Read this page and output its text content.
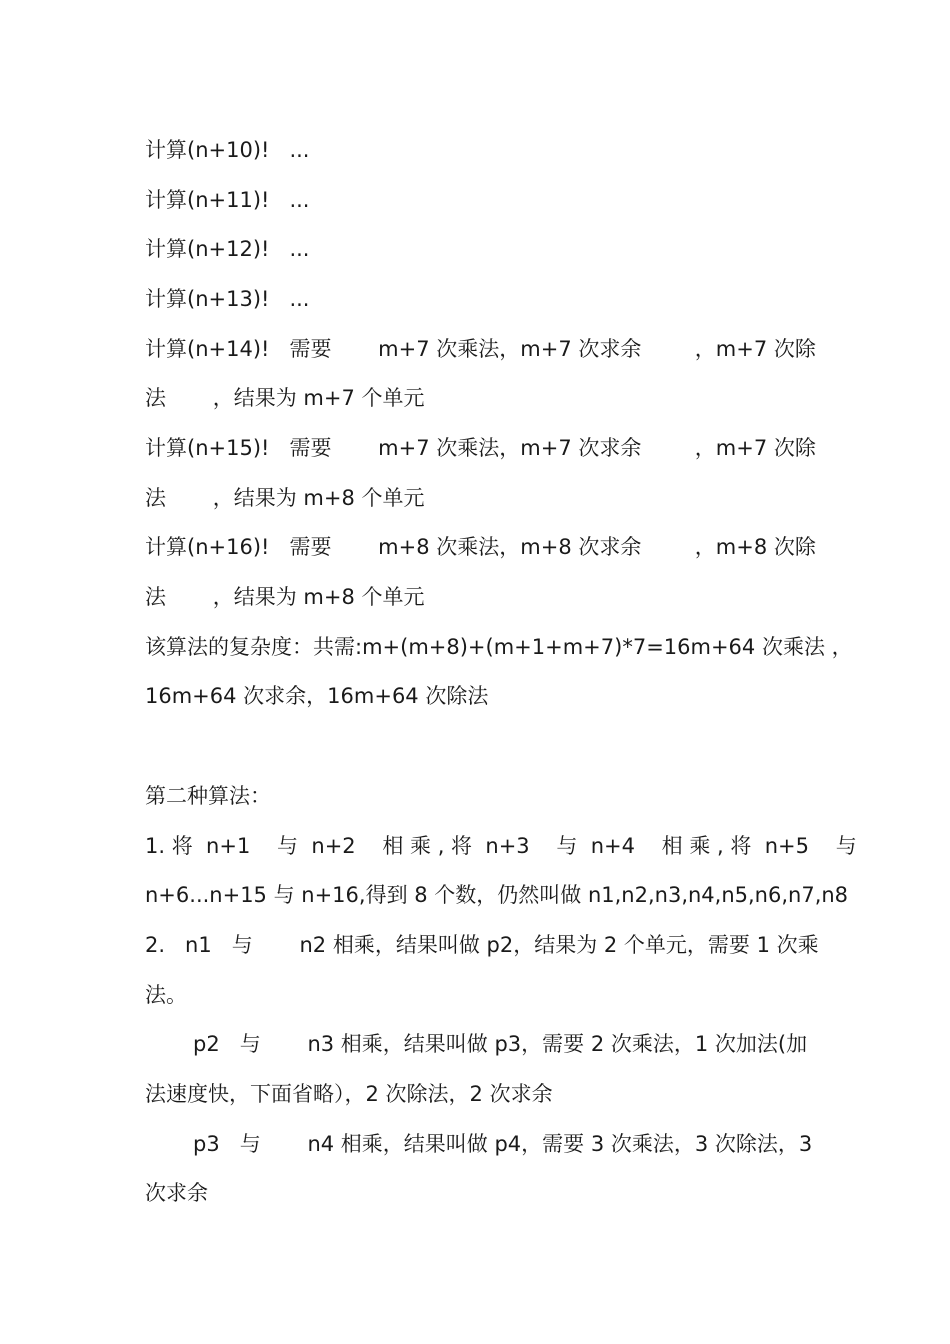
计算(n+10)!   ...
计算(n+11)!   ...
计算(n+12)!   ...
计算(n+13)!   ...
计算(n+14)!   需要       m+7 次乘法，m+7 次求余        ，m+7 次除
法       ，结果为 m+7 个单元
计算(n+15)!   需要       m+7 次乘法，m+7 次求余        ，m+7 次除
法       ，结果为 m+8 个单元
计算(n+16)!   需要       m+8 次乘法，m+8 次求余        ，m+8 次除
法       ，结果为 m+8 个单元
该算法的复杂度：共需:m+(m+8)+(m+1+m+7)*7=16m+64 次乘法 ，
16m+64 次求余，16m+64 次除法
第二种算法：
1. 将  n+1    与  n+2    相 乘 , 将  n+3    与  n+4    相 乘 , 将  n+5    与
n+6...n+15 与 n+16,得到 8 个数，仍然叫做 n1,n2,n3,n4,n5,n6,n7,n8
2.   n1   与       n2 相乘，结果叫做 p2，结果为 2 个单元，需要 1 次乘
法。
p2   与       n3 相乘，结果叫做 p3，需要 2 次乘法，1 次加法(加
法速度快，下面省略），2 次除法，2 次求余
p3   与       n4 相乘，结果叫做 p4，需要 3 次乘法，3 次除法，3
次求余
